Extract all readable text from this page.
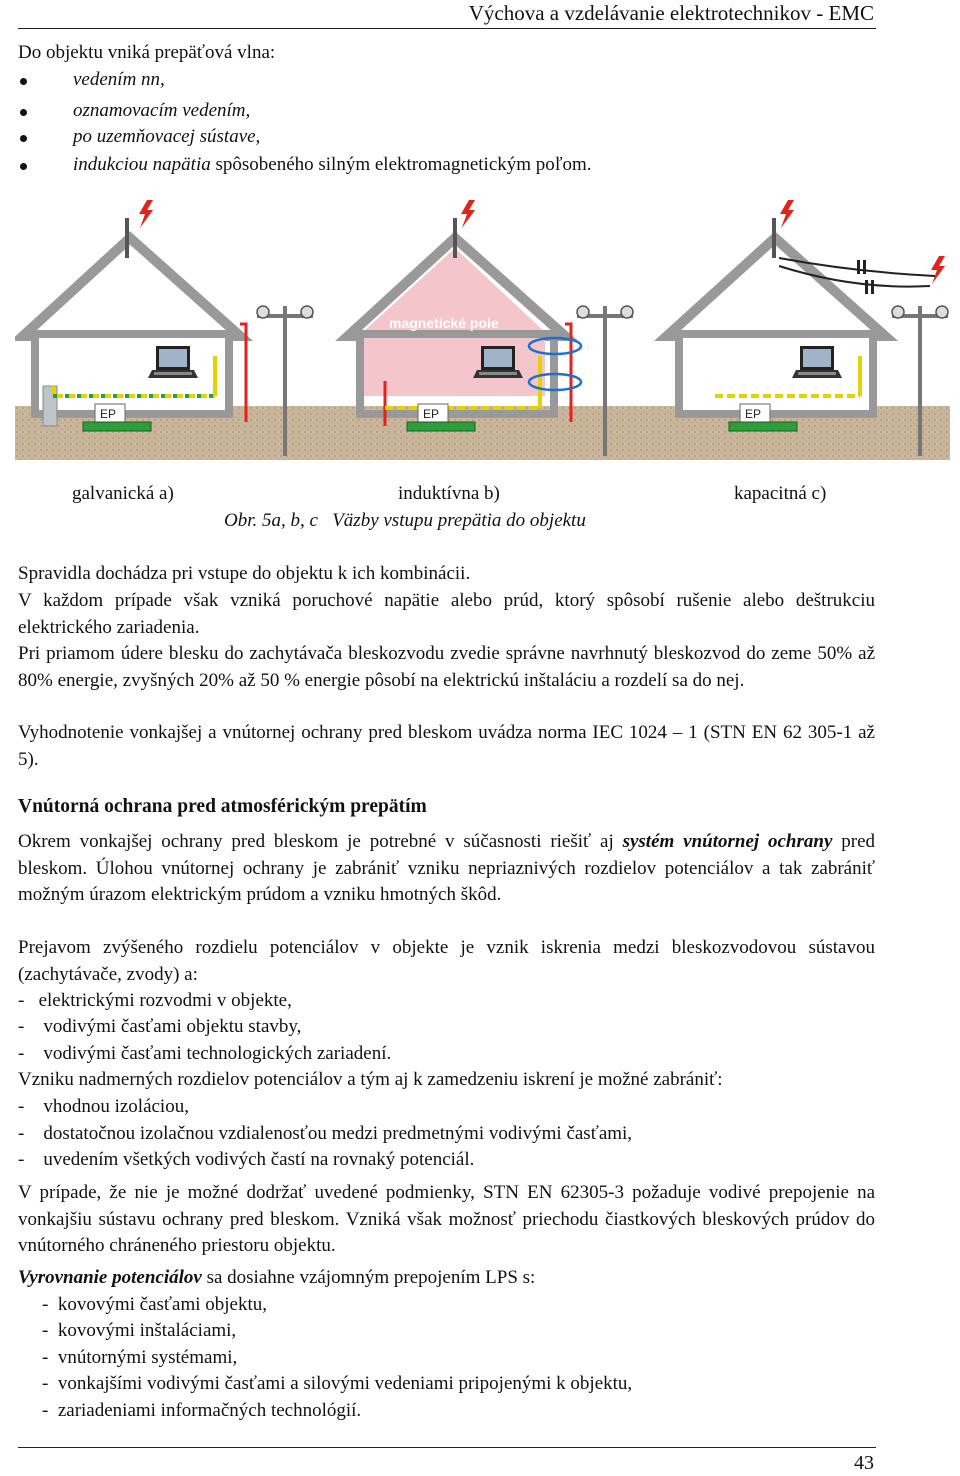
Výchova a vzdelávanie elektrotechnikov - EMC
Do objektu vniká prepäťová vlna:
vedením nn,
oznamovacím vedením,
po uzemňovacej sústave,
indukciou napätia spôsobeného silným elektromagnetickým poľom.
EP
magnetické pole
EP	EP
galvanická a)	induktívna b)	kapacitná c)
Obr. 5a, b, c   Väzby vstupu prepätia do objektu
Spravidla dochádza pri vstupe do objektu k ich kombinácii.
V každom prípade však vzniká poruchové napätie alebo prúd, ktorý spôsobí rušenie alebo deštrukciu elektrického zariadenia.
Pri priamom údere blesku do zachytávača bleskozvodu zvedie správne navrhnutý bleskozvod do zeme 50% až 80% energie, zvyšných 20% až 50 % energie pôsobí na elektrickú inštaláciu a rozdelí sa do nej.
Vyhodnotenie vonkajšej a vnútornej ochrany pred bleskom uvádza norma IEC 1024 – 1 (STN EN 62 305-1 až 5).
Vnútorná ochrana pred atmosférickým prepätím
Okrem vonkajšej ochrany pred bleskom je potrebné v súčasnosti riešiť aj systém vnútornej ochrany pred bleskom. Úlohou vnútornej ochrany je zabrániť vzniku nepriaznivých rozdielov potenciálov a tak zabrániť možným úrazom elektrickým prúdom a vzniku hmotných škôd.
Prejavom zvýšeného rozdielu potenciálov v objekte je vznik iskrenia medzi bleskozvodovou sústavou (zachytávače, zvody) a:
-   elektrickými rozvodmi v objekte,
-    vodivými časťami objektu stavby,
-    vodivými časťami technologických zariadení.
Vzniku nadmerných rozdielov potenciálov a tým aj k zamedzeniu iskrení je možné zabrániť:
-    vhodnou izoláciou,
-    dostatočnou izolačnou vzdialenosťou medzi predmetnými vodivými časťami,
-    uvedením všetkých vodivých častí na rovnaký potenciál.
V prípade, že nie je možné dodržať uvedené podmienky, STN EN 62305-3 požaduje vodivé prepojenie na vonkajšiu sústavu ochrany pred bleskom. Vzniká však možnosť priechodu čiastkových bleskových prúdov do vnútorného chráneného priestoru objektu.
Vyrovnanie potenciálov sa dosiahne vzájomným prepojením LPS s:
-  kovovými časťami objektu,
-  kovovými inštaláciami,
-  vnútornými systémami,
-  vonkajšími vodivými časťami a silovými vedeniami pripojenými k objektu,
-  zariadeniami informačných technológií.
43
